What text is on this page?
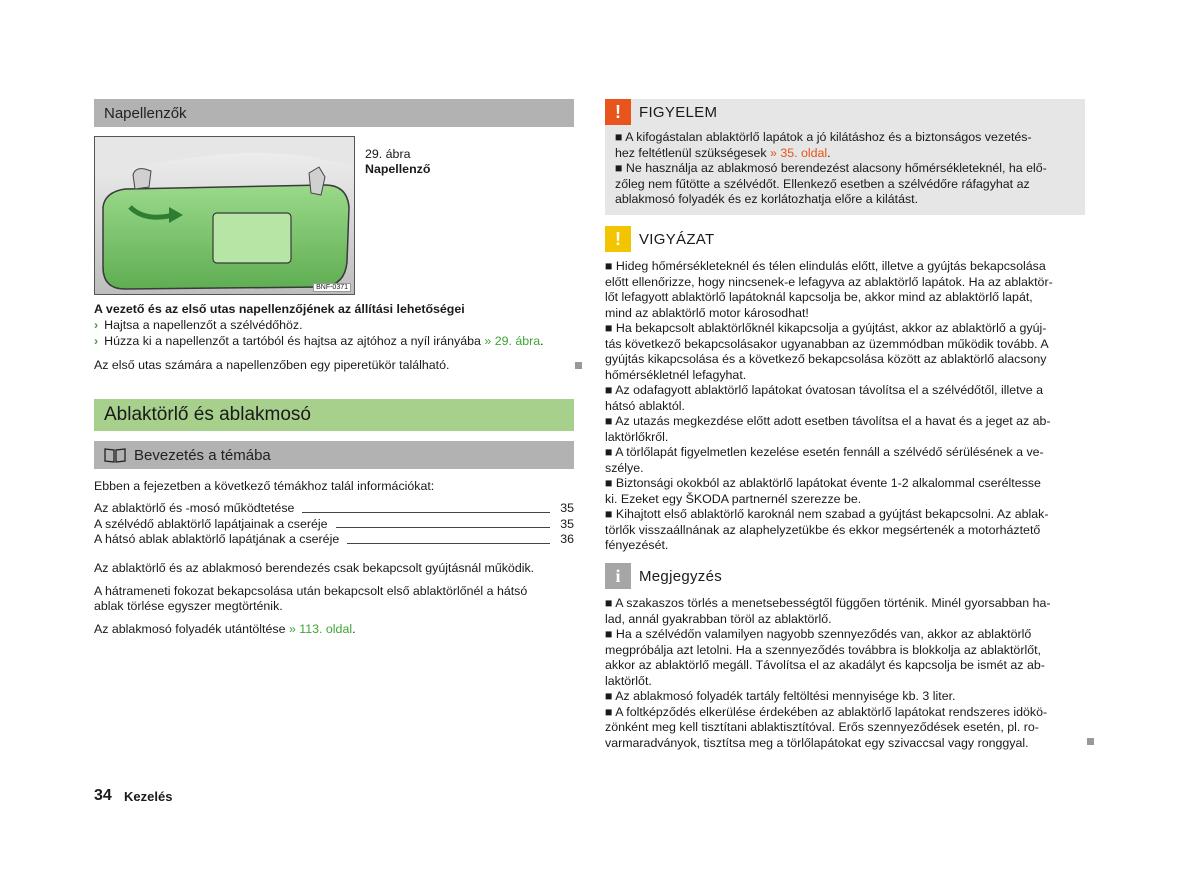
Napellenzők
BNF-0371
29. ábra
Napellenző
A vezető és az első utas napellenzőjének az állítási lehetőségei
› Hajtsa a napellenzőt a szélvédőhöz.
› Húzza ki a napellenzőt a tartóból és hajtsa az ajtóhoz a nyíl irányába » 29. ábra.
Az első utas számára a napellenzőben egy piperetükör található.
Ablaktörlő és ablakmosó
Bevezetés a témába
Ebben a fejezetben a következő témákhoz talál információkat:
Az ablaktörlő és -mosó működtetése	35
A szélvédő ablaktörlő lapátjainak a cseréje	35
A hátsó ablak ablaktörlő lapátjának a cseréje	36
Az ablaktörlő és az ablakmosó berendezés csak bekapcsolt gyújtásnál működik.
A hátrameneti fokozat bekapcsolása után bekapcsolt első ablaktörlőnél a hátsó
ablak törlése egyszer megtörténik.
Az ablakmosó folyadék utántöltése » 113. oldal.
!	FIGYELEM
■ A kifogástalan ablaktörlő lapátok a jó kilátáshoz és a biztonságos vezetés-
hez feltétlenül szükségesek » 35. oldal.
■ Ne használja az ablakmosó berendezést alacsony hőmérsékleteknél, ha elő-
zőleg nem fűtötte a szélvédőt. Ellenkező esetben a szélvédőre ráfagyhat az
ablakmosó folyadék és ez korlátozhatja előre a kilátást.
!	VIGYÁZAT
■ Hideg hőmérsékleteknél és télen elindulás előtt, illetve a gyújtás bekapcsolása
előtt ellenőrizze, hogy nincsenek-e lefagyva az ablaktörlő lapátok. Ha az ablaktör-
lőt lefagyott ablaktörlő lapátoknál kapcsolja be, akkor mind az ablaktörlő lapát,
mind az ablaktörlő motor károsodhat!
■ Ha bekapcsolt ablaktörlőknél kikapcsolja a gyújtást, akkor az ablaktörlő a gyúj-
tás következő bekapcsolásakor ugyanabban az üzemmódban működik tovább. A
gyújtás kikapcsolása és a következő bekapcsolása között az ablaktörlő alacsony
hőmérsékletnél lefagyhat.
■ Az odafagyott ablaktörlő lapátokat óvatosan távolítsa el a szélvédőtől, illetve a
hátsó ablaktól.
■ Az utazás megkezdése előtt adott esetben távolítsa el a havat és a jeget az ab-
laktörlőkről.
■ A törlőlapát figyelmetlen kezelése esetén fennáll a szélvédő sérülésének a ve-
szélye.
■ Biztonsági okokból az ablaktörlő lapátokat évente 1-2 alkalommal cseréltesse
ki. Ezeket egy ŠKODA partnernél szerezze be.
■ Kihajtott első ablaktörlő karoknál nem szabad a gyújtást bekapcsolni. Az ablak-
törlők visszaállnának az alaphelyzetükbe és ekkor megsértenék a motorháztető
fényezését.
i	Megjegyzés
■ A szakaszos törlés a menetsebességtől függően történik. Minél gyorsabban ha-
lad, annál gyakrabban töröl az ablaktörlő.
■ Ha a szélvédőn valamilyen nagyobb szennyeződés van, akkor az ablaktörlő
megpróbálja azt letolni. Ha a szennyeződés továbbra is blokkolja az ablaktörlőt,
akkor az ablaktörlő megáll. Távolítsa el az akadályt és kapcsolja be ismét az ab-
laktörlőt.
■ Az ablakmosó folyadék tartály feltöltési mennyisége kb. 3 liter.
■ A foltképződés elkerülése érdekében az ablaktörlő lapátokat rendszeres idökö-
zönként meg kell tisztítani ablaktisztítóval. Erős szennyeződések esetén, pl. ro-
varmaradványok, tisztítsa meg a törlőlapátokat egy szivaccsal vagy ronggyal.
34 Kezelés
